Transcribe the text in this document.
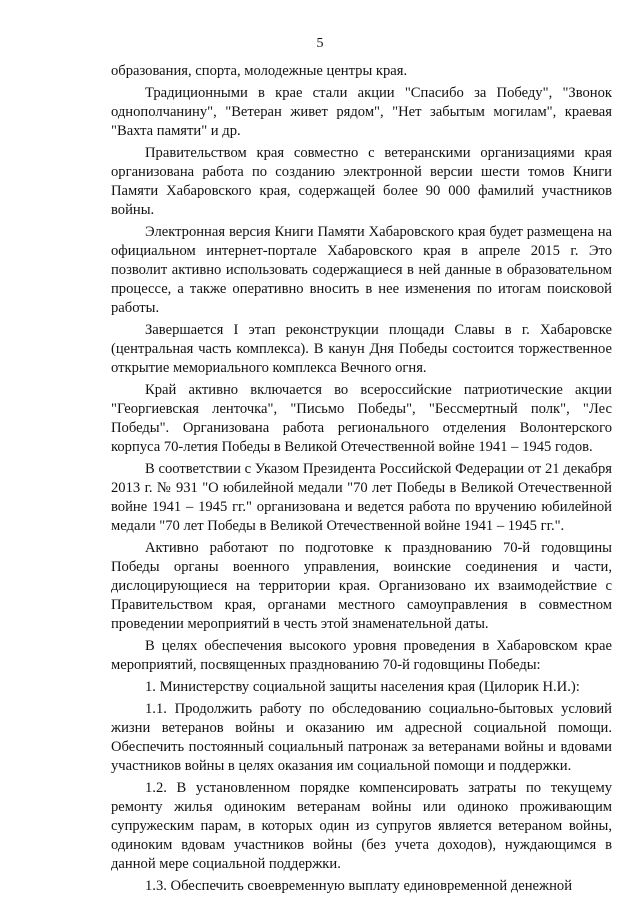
5

образования, спорта, молодежные центры края.

Традиционными в крае стали акции "Спасибо за Победу", "Звонок однополчанину", "Ветеран живет рядом", "Нет забытым могилам", краевая "Вахта памяти" и др.

Правительством края совместно с ветеранскими организациями края организована работа по созданию электронной версии шести томов Книги Памяти Хабаровского края, содержащей более 90 000 фамилий участников войны.

Электронная версия Книги Памяти Хабаровского края будет размещена на официальном интернет-портале Хабаровского края в апреле 2015 г. Это позволит активно использовать содержащиеся в ней данные в образовательном процессе, а также оперативно вносить в нее изменения по итогам поисковой работы.

Завершается I этап реконструкции площади Славы в г. Хабаровске (центральная часть комплекса). В канун Дня Победы состоится торжественное открытие мемориального комплекса Вечного огня.

Край активно включается во всероссийские патриотические акции "Георгиевская ленточка", "Письмо Победы", "Бессмертный полк", "Лес Победы". Организована работа регионального отделения Волонтерского корпуса 70-летия Победы в Великой Отечественной войне 1941 – 1945 годов.

В соответствии с Указом Президента Российской Федерации от 21 декабря 2013 г. № 931 "О юбилейной медали "70 лет Победы в Великой Отечественной войне 1941 – 1945 гг." организована и ведется работа по вручению юбилейной медали "70 лет Победы в Великой Отечественной войне 1941 – 1945 гг.".

Активно работают по подготовке к празднованию 70-й годовщины Победы органы военного управления, воинские соединения и части, дислоцирующиеся на территории края. Организовано их взаимодействие с Правительством края, органами местного самоуправления в совместном проведении мероприятий в честь этой знаменательной даты.

В целях обеспечения высокого уровня проведения в Хабаровском крае мероприятий, посвященных празднованию 70-й годовщины Победы:

1. Министерству социальной защиты населения края (Цилорик Н.И.):

1.1. Продолжить работу по обследованию социально-бытовых условий жизни ветеранов войны и оказанию им адресной социальной помощи. Обеспечить постоянный социальный патронаж за ветеранами войны и вдовами участников войны в целях оказания им социальной помощи и поддержки.

1.2. В установленном порядке компенсировать затраты по текущему ремонту жилья одиноким ветеранам войны или одиноко проживающим супружеским парам, в которых один из супругов является ветераном войны, одиноким вдовам участников войны (без учета доходов), нуждающимся в данной мере социальной поддержки.

1.3. Обеспечить своевременную выплату единовременной денежной
